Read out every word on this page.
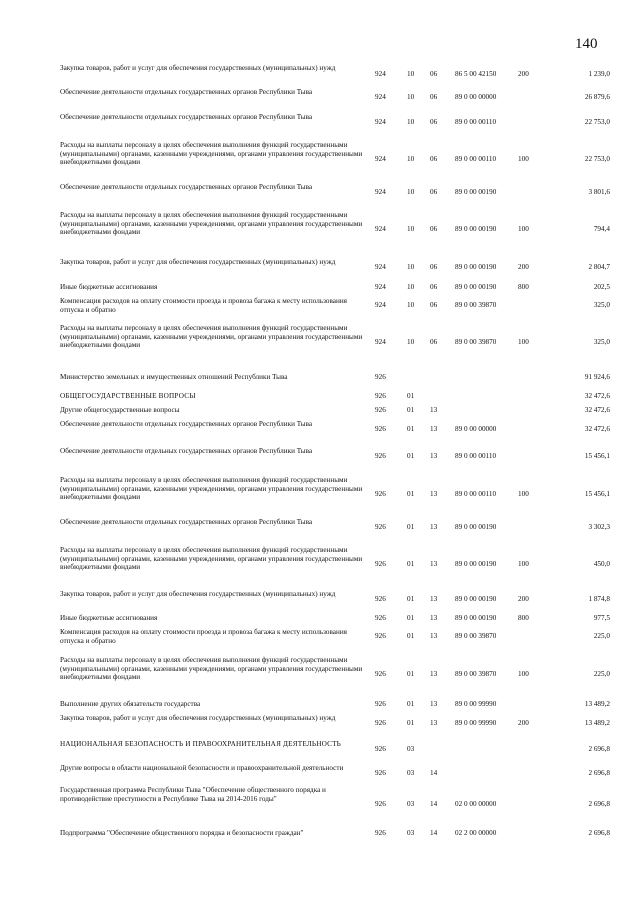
140
Закупка товаров, работ и услуг для обеспечения государственных (муниципальных) нужд
924	10 06 86 5 00 42150	200	1 239,0
Обеспечение деятельности отдельных государственных органов Республики Тыва
924	10 06 89 0 00 00000	26 879,6
Обеспечение деятельности отдельных государственных органов Республики Тыва
924	10 06 89 0 00 00110	22 753,0
Расходы на выплаты персоналу в целях обеспечения выполнения функций государственными (муниципальными) органами, казенными учреждениями, органами управления государственными внебюджетными фондами	924	10 06 89 0 00 00110	100	22 753,0
Обеспечение деятельности отдельных государственных органов Республики Тыва
924	10 06 89 0 00 00190	3 801,6
Расходы на выплаты персоналу в целях обеспечения выполнения функций государственными (муниципальными) органами, казенными учреждениями, органами управления государственными внебюджетными фондами	924	10 06 89 0 00 00190	100	794,4
Закупка товаров, работ и услуг для обеспечения государственных (муниципальных) нужд
924	10 06 89 0 00 00190	200	2 804,7
Иные бюджетные ассигнования	924	10 06 89 0 00 00190	800	202,5
Компенсация расходов на оплату стоимости проезда и провоза багажа к месту использования отпуска и обратно
924	10 06 89 0 00 39870	325,0
Расходы на выплаты персоналу в целях обеспечения выполнения функций государственными (муниципальными) органами, казенными учреждениями, органами управления государственными внебюджетными фондами	924	10 06 89 0 00 39870	100	325,0
Министерство земельных и имущественных отношений Республики Тыва	926	91 924,6
ОБЩЕГОСУДАРСТВЕННЫЕ ВОПРОСЫ	926	01	32 472,6
Другие общегосударственные вопросы	926	01 13	32 472,6
Обеспечение деятельности отдельных государственных органов Республики Тыва
926	01 13 89 0 00 00000	32 472,6
Обеспечение деятельности отдельных государственных органов Республики Тыва
926	01 13 89 0 00 00110	15 456,1
Расходы на выплаты персоналу в целях обеспечения выполнения функций государственными (муниципальными) органами, казенными учреждениями, органами управления государственными внебюджетными фондами	926	01 13 89 0 00 00110	100	15 456,1
Обеспечение деятельности отдельных государственных органов Республики Тыва
926	01 13 89 0 00 00190	3 302,3
Расходы на выплаты персоналу в целях обеспечения выполнения функций государственными (муниципальными) органами, казенными учреждениями, органами управления государственными внебюджетными фондами	926	01 13 89 0 00 00190	100	450,0
Закупка товаров, работ и услуг для обеспечения государственных (муниципальных) нужд
926	01 13 89 0 00 00190	200	1 874,8
Иные бюджетные ассигнования	926	01 13 89 0 00 00190	800	977,5
Компенсация расходов на оплату стоимости проезда и провоза багажа к месту использования отпуска и обратно
926	01 13 89 0 00 39870	225,0
Расходы на выплаты персоналу в целях обеспечения выполнения функций государственными (муниципальными) органами, казенными учреждениями, органами управления государственными внебюджетными фондами	926	01 13 89 0 00 39870	100	225,0
Выполнение других обязательств государства	926	01 13 89 0 00 99990	13 489,2
Закупка товаров, работ и услуг для обеспечения государственных (муниципальных) нужд
926	01 13 89 0 00 99990	200	13 489,2
НАЦИОНАЛЬНАЯ БЕЗОПАСНОСТЬ И ПРАВООХРАНИТЕЛЬНАЯ ДЕЯТЕЛЬНОСТЬ
926	03	2 696,8
Другие вопросы в области национальной безопасности и правоохранительной деятельности
926	03 14	2 696,8
Государственная программа Республики Тыва "Обеспечение общественного порядка и противодействие преступности в Республике Тыва на 2014-2016 годы"
926	03 14 02 0 00 00000	2 696,8
Подпрограмма "Обеспечение общественного порядка и безопасности граждан"	926	03 14 02 2 00 00000	2 696,8
